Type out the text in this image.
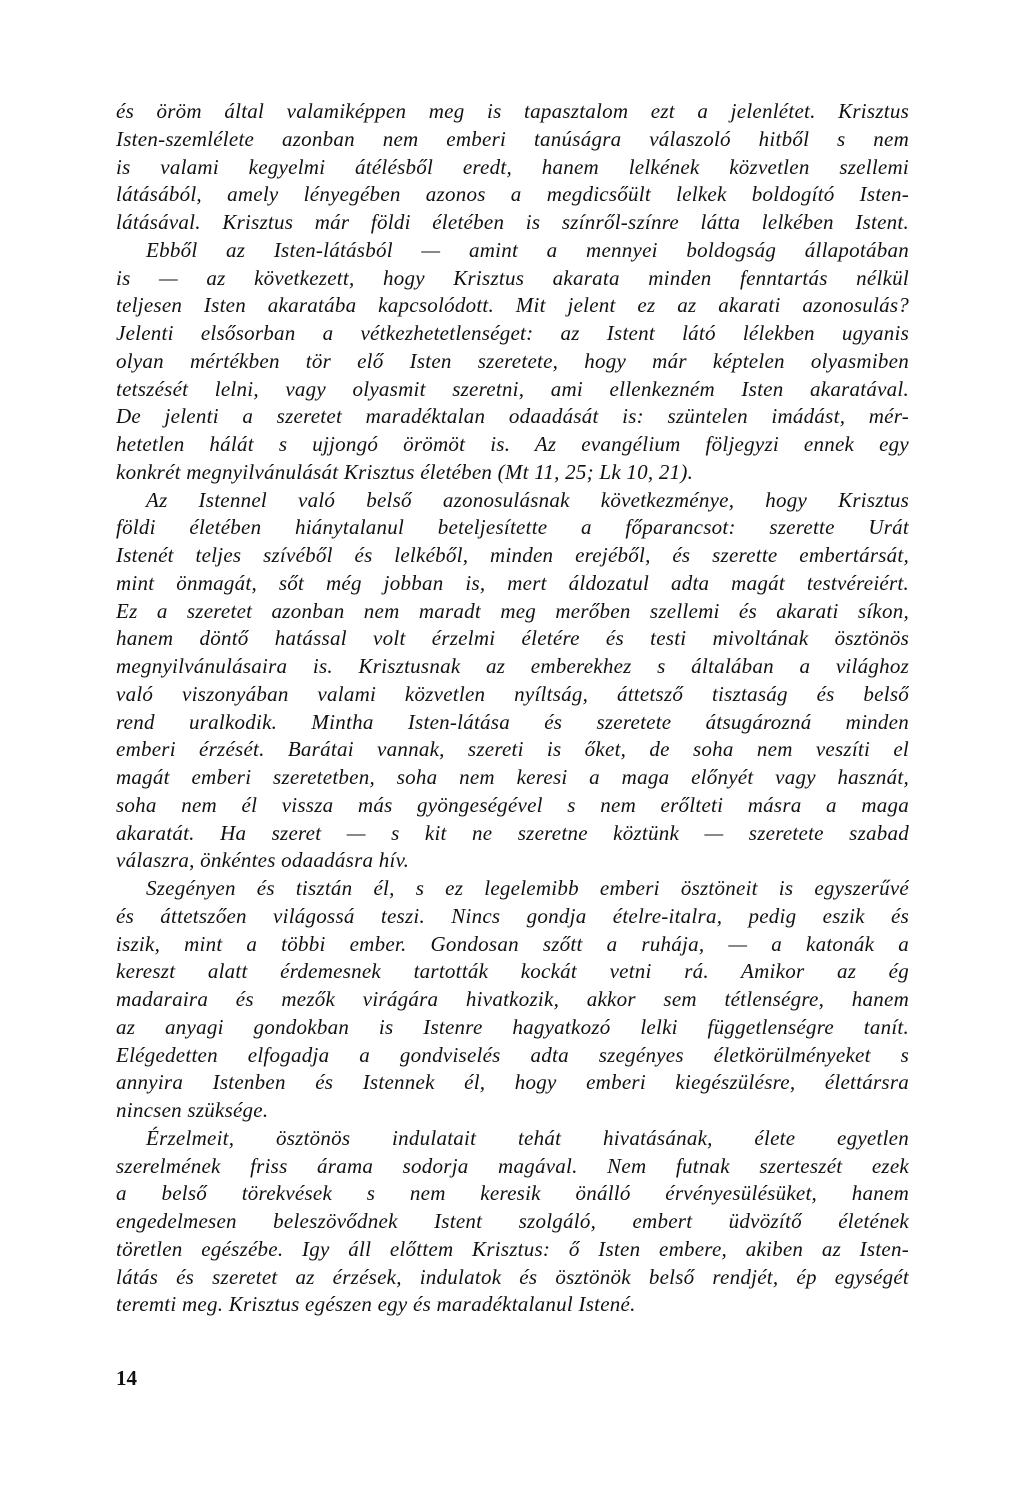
és öröm által valamiképpen meg is tapasztalom ezt a jelenlétet. Krisztus
Isten-szemlélete azonban nem emberi tanúságra válaszoló hitből s nem
is valami kegyelmi átélésből eredt, hanem lelkének közvetlen szellemi
látásából, amely lényegében azonos a megdicsőült lelkek boldogító Isten-
látásával. Krisztus már földi életében is színről-színre látta lelkében Istent.
Ebből az Isten-látásból — amint a mennyei boldogság állapotában
is — az következett, hogy Krisztus akarata minden fenntartás nélkül
teljesen Isten akaratába kapcsolódott. Mit jelent ez az akarati azonosulás?
Jelenti elsősorban a vétkezhetetlenséget: az Istent látó lélekben ugyanis
olyan mértékben tör elő Isten szeretete, hogy már képtelen olyasmiben
tetszését lelni, vagy olyasmit szeretni, ami ellenkezném Isten akaratával.
De jelenti a szeretet maradéktalan odaadását is: szüntelen imádást, mér-
hetetlen hálát s ujjongó örömöt is. Az evangélium följegyzi ennek egy
konkrét megnyilvánulását Krisztus életében (Mt 11, 25; Lk 10, 21).
Az Istennel való belső azonosulásnak következménye, hogy Krisztus
földi életében hiánytalanul beteljesítette a főparancsot: szerette Urát
Istenét teljes szívéből és lelkéből, minden erejéből, és szerette embertársát,
mint önmagát, sőt még jobban is, mert áldozatul adta magát testvéreiért.
Ez a szeretet azonban nem maradt meg merőben szellemi és akarati síkon,
hanem döntő hatással volt érzelmi életére és testi mivoltának ösztönös
megnyilvánulásaira is. Krisztusnak az emberekhez s általában a világhoz
való viszonyában valami közvetlen nyíltság, áttetsző tisztaság és belső
rend uralkodik. Mintha Isten-látása és szeretete átsugározná minden
emberi érzését. Barátai vannak, szereti is őket, de soha nem veszíti el
magát emberi szeretetben, soha nem keresi a maga előnyét vagy hasznát,
soha nem él vissza más gyöngeségével s nem erőlteti másra a maga
akaratát. Ha szeret — s kit ne szeretne köztünk — szeretete szabad
válaszra, önkéntes odaadásra hív.
Szegényen és tisztán él, s ez legelemibb emberi ösztöneit is egyszerűvé
és áttetszően világossá teszi. Nincs gondja ételre-italra, pedig eszik és
iszik, mint a többi ember. Gondosan szőtt a ruhája, — a katonák a
kereszt alatt érdemesnek tartották kockát vetni rá. Amikor az ég
madaraira és mezők virágára hivatkozik, akkor sem tétlenségre, hanem
az anyagi gondokban is Istenre hagyatkozó lelki függetlenségre tanít.
Elégedetten elfogadja a gondviselés adta szegényes életkörülményeket s
annyira Istenben és Istennek él, hogy emberi kiegészülésre, élettársra
nincsen szüksége.
Érzelmeit, ösztönös indulatait tehát hivatásának, élete egyetlen
szerelmének friss árama sodorja magával. Nem futnak szerteszét ezek
a belső törekvések s nem keresik önálló érvényesülésüket, hanem
engedelmesen beleszövődnek Istent szolgáló, embert üdvözítő életének
töretlen egészébe. Igy áll előttem Krisztus: ő Isten embere, akiben az Isten-
látás és szeretet az érzések, indulatok és ösztönök belső rendjét, ép egységét
teremti meg. Krisztus egészen egy és maradéktalanul Istené.
14
